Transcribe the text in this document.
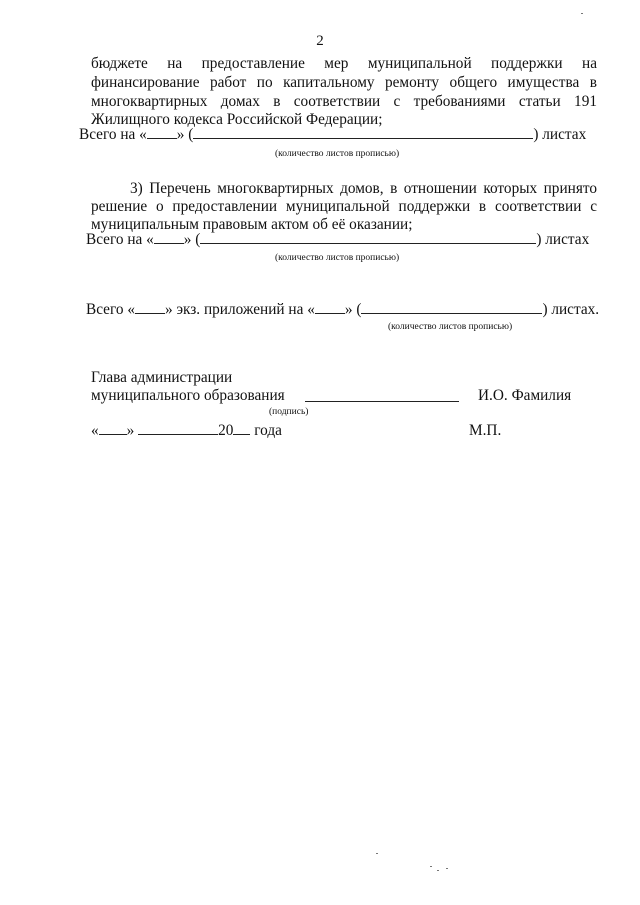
2
бюджете на предоставление мер муниципальной поддержки на
финансирование работ по капитальному ремонту общего имущества в
многоквартирных домах в соответствии с требованиями статьи 191
Жилищного кодекса Российской Федерации;
Всего на « » (	) листах
(количество листов прописью)
3) Перечень многоквартирных домов, в отношении которых принято
решение о предоставлении муниципальной поддержки в соответствии с
муниципальным правовым актом об её оказании;
Всего на « » (	) листах
(количество листов прописью)
Всего « » экз. приложений на « » (	) листах.
(количество листов прописью)
Глава администрации
муниципального образования
(подпись)
И.О. Фамилия
« »	20 года	М.П.
